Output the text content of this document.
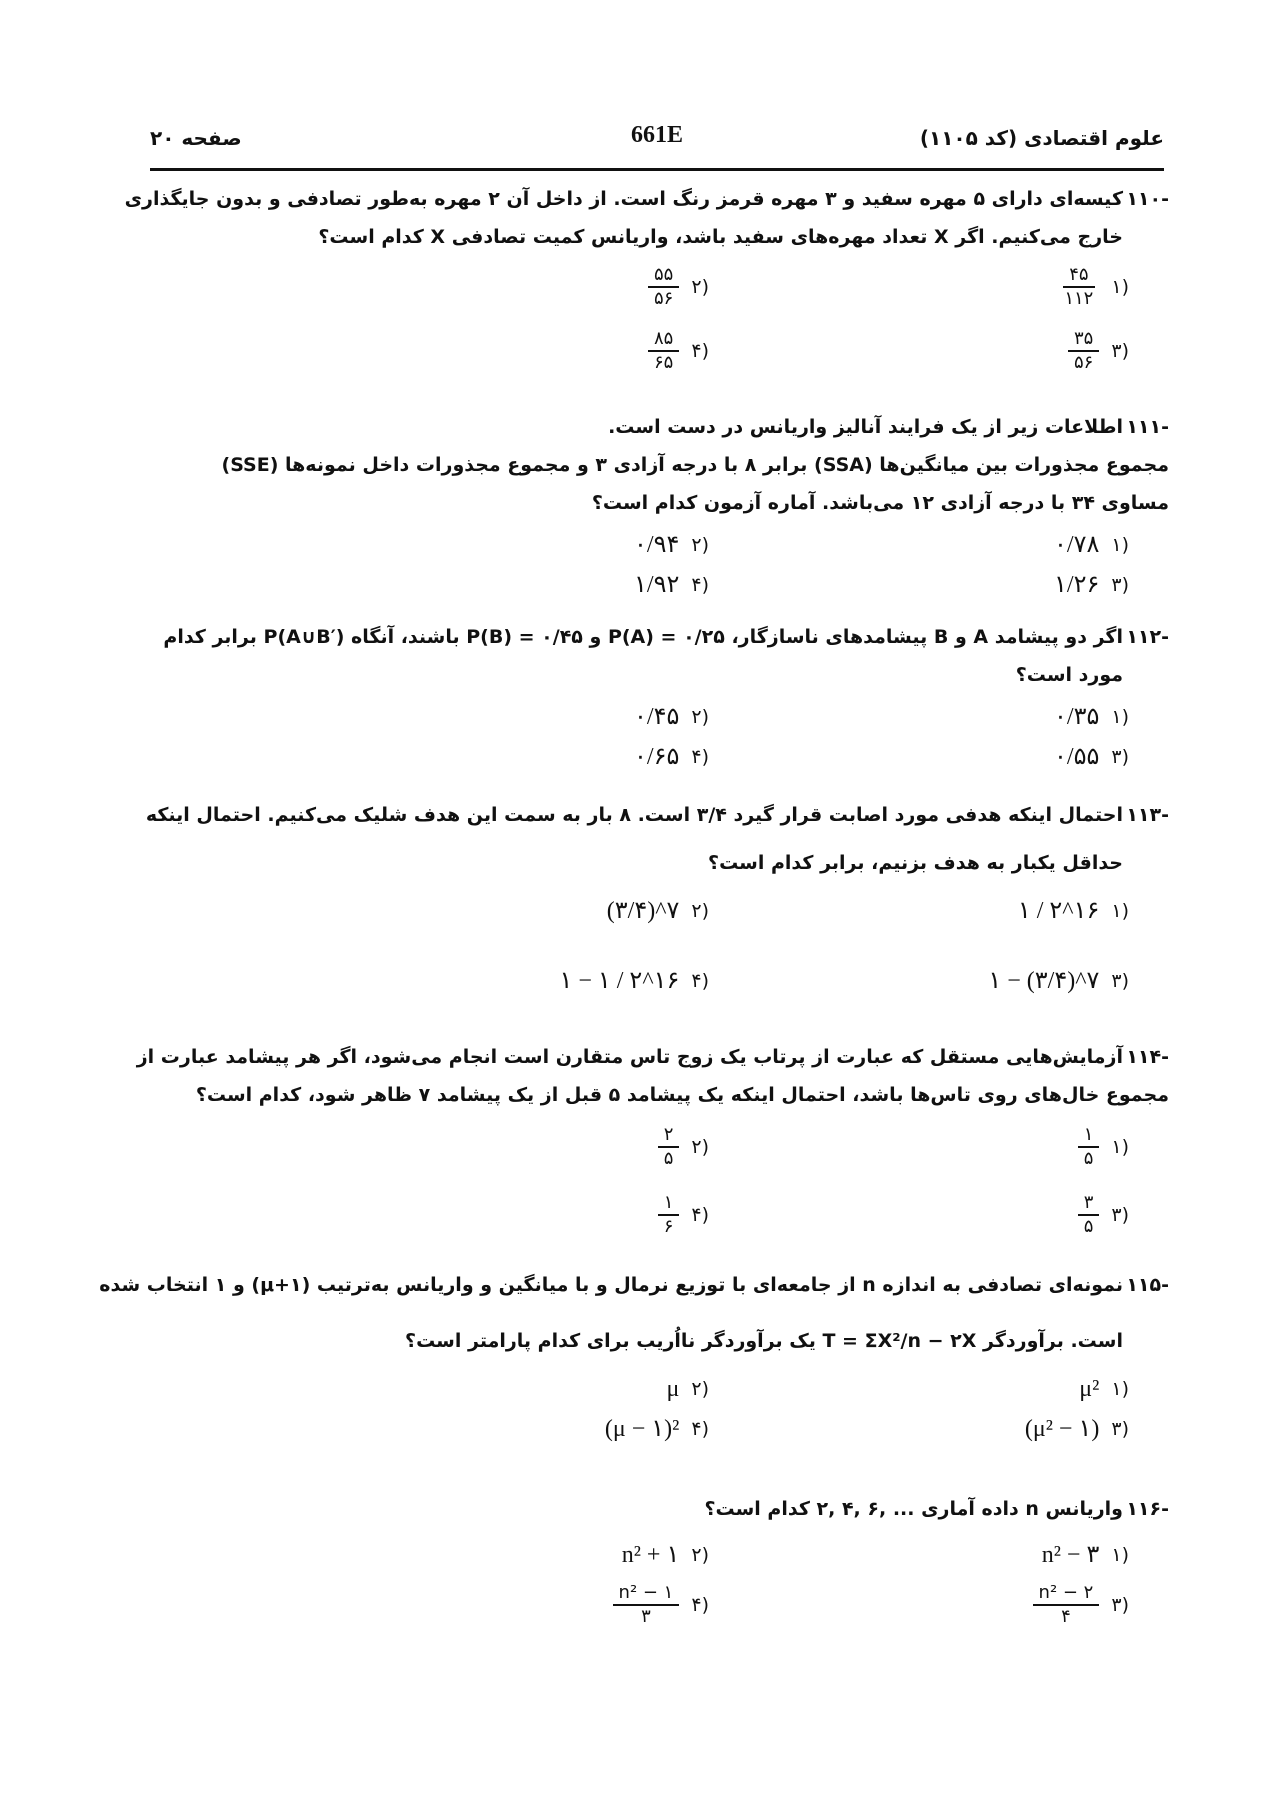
علوم اقتصادی (کد ۱۱۰۵)
661E
صفحه ۲۰
-۱۱۰کیسه‌ای دارای ۵ مهره سفید و ۳ مهره قرمز رنگ است. از داخل آن ۲ مهره به‌طور تصادفی و بدون جایگذاری
خارج می‌کنیم. اگر X تعداد مهره‌های سفید باشد، واریانس کمیت تصادفی X کدام است؟
(۱
$\frac{۴۵}{۱۱۲}$
(۲
$\frac{۵۵}{۵۶}$
(۳
$\frac{۳۵}{۵۶}$
(۴
$\frac{۸۵}{۶۵}$
-۱۱۱اطلاعات زیر از یک فرایند آنالیز واریانس در دست است.
مجموع مجذورات بین میانگین‌ها (SSA) برابر ۸ با درجه آزادی ۳ و مجموع مجذورات داخل نمونه‌ها (SSE)
مساوی ۳۴ با درجه آزادی ۱۲ می‌باشد. آماره آزمون کدام است؟
(۱
۰/۷۸
(۲
۰/۹۴
(۳
۱/۲۶
(۴
۱/۹۲
-۱۱۲اگر دو پیشامد A و B پیشامدهای ناسازگار، P(A) = ۰/۲۵ و P(B) = ۰/۴۵ باشند، آنگاه P(A∪B′) برابر کدام
مورد است؟
(۱
۰/۳۵
(۲
۰/۴۵
(۳
۰/۵۵
(۴
۰/۶۵
-۱۱۳احتمال اینکه هدفی مورد اصابت قرار گیرد ۳/۴ است. ۸ بار به سمت این هدف شلیک می‌کنیم. احتمال اینکه
حداقل یکبار به هدف بزنیم، برابر کدام است؟
(۱
۱ / ۲^۱۶
(۲
(۳/۴)^۷
(۳
۱ − (۳/۴)^۷
(۴
۱ − ۱ / ۲^۱۶
-۱۱۴آزمایش‌هایی مستقل که عبارت از پرتاب یک زوج تاس متقارن است انجام می‌شود، اگر هر پیشامد عبارت از
مجموع خال‌های روی تاس‌ها باشد، احتمال اینکه یک پیشامد ۵ قبل از یک پیشامد ۷ ظاهر شود، کدام است؟
(۱
$\frac{۱}{۵}$
(۲
$\frac{۲}{۵}$
(۳
$\frac{۳}{۵}$
(۴
$\frac{۱}{۶}$
-۱۱۵نمونه‌ای تصادفی به اندازه n از جامعه‌ای با توزیع نرمال و با میانگین و واریانس به‌ترتیب (μ+۱) و ۱ انتخاب شده
است. برآوردگر T = ΣX²/n − ۲X یک برآوردگر نااُریب برای کدام پارامتر است؟
(۱
μ²
(۲
μ
(۳
(μ² − ۱)
(۴
(μ − ۱)²
-۱۱۶واریانس n داده آماری ... ,۶ ,۴ ,۲ کدام است؟
(۱
n² − ۳
(۲
n² + ۱
(۳
$\frac{\text{n² − ۲}}{۴}$
(۴
$\frac{\text{n² − ۱}}{۳}$
